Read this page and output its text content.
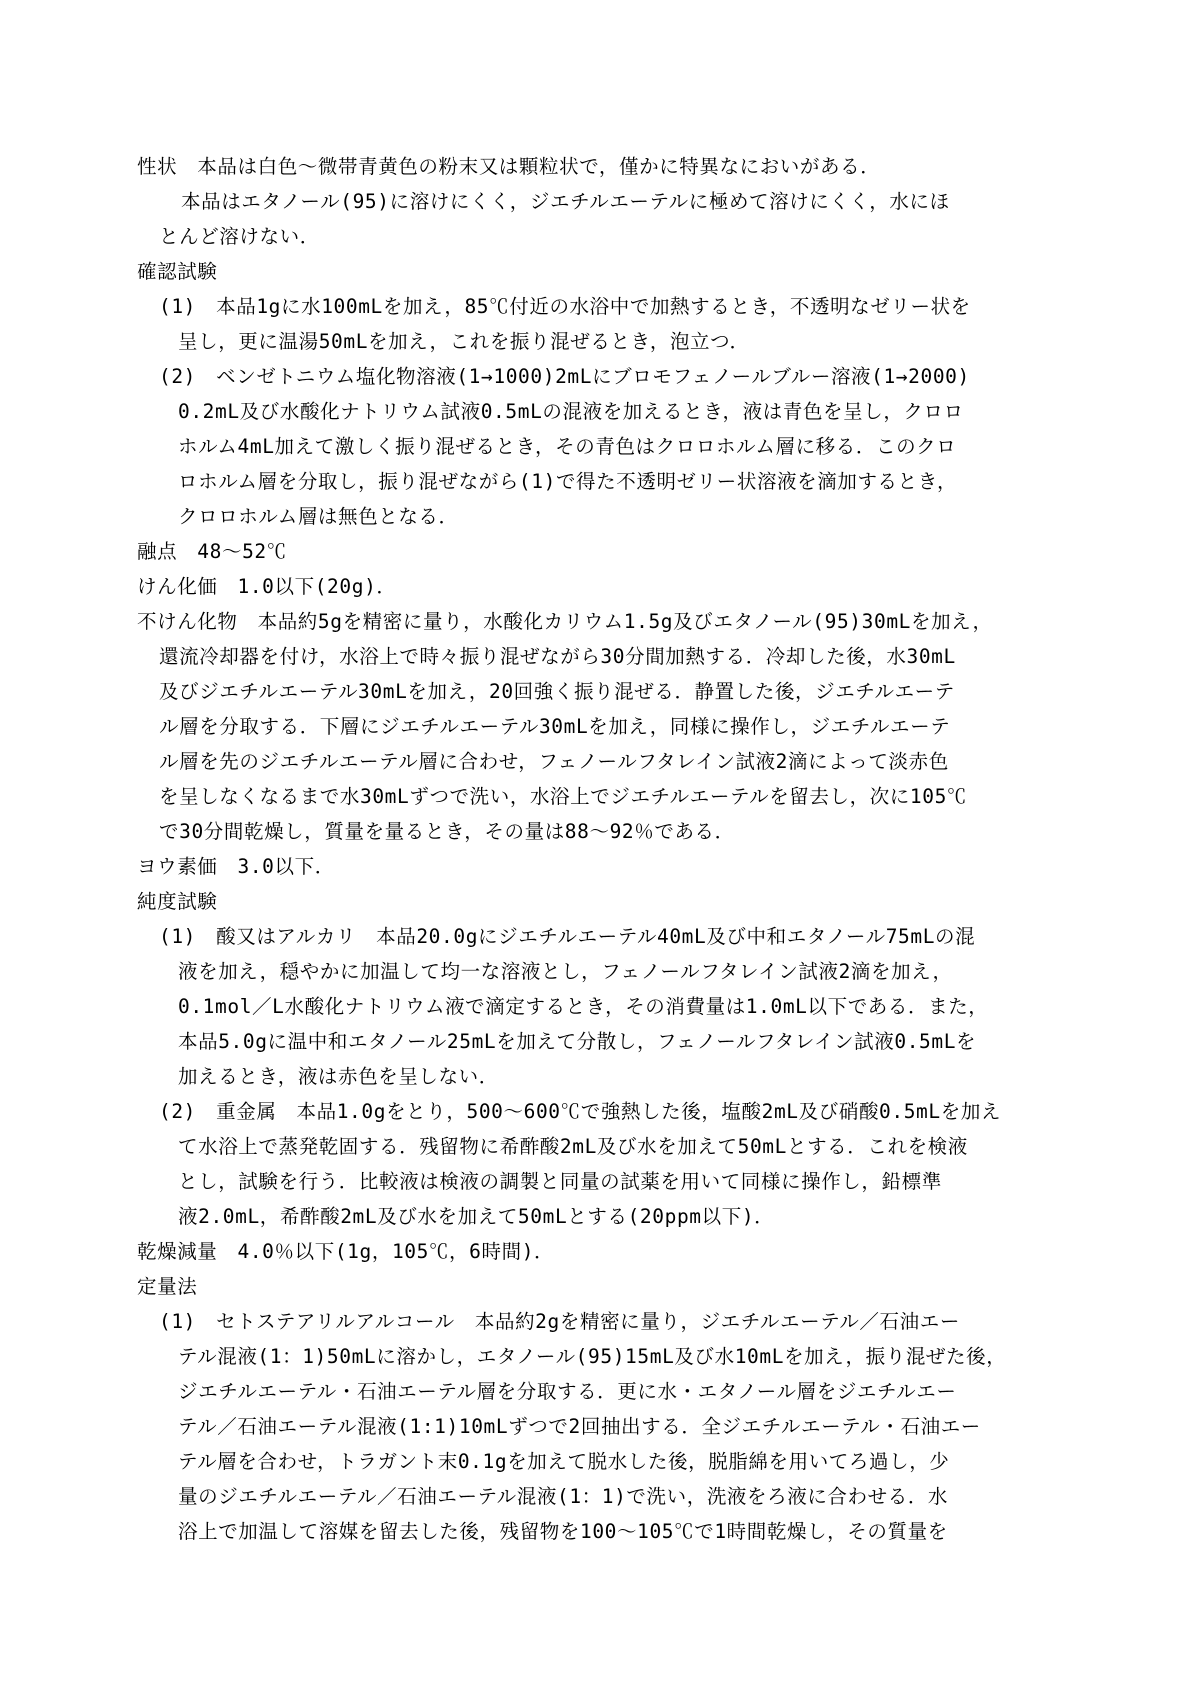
性状　本品は白色〜微帯青黄色の粉末又は顆粒状で，僅かに特異なにおいがある．
本品はエタノール(95)に溶けにくく，ジエチルエーテルに極めて溶けにくく，水にほ
とんど溶けない．
確認試験
(1)　本品1gに水100mLを加え，85℃付近の水浴中で加熱するとき，不透明なゼリー状を
呈し，更に温湯50mLを加え，これを振り混ぜるとき，泡立つ．
(2)　ベンゼトニウム塩化物溶液(1→1000)2mLにブロモフェノールブルー溶液(1→2000)
0.2mL及び水酸化ナトリウム試液0.5mLの混液を加えるとき，液は青色を呈し，クロロ
ホルム4mL加えて激しく振り混ぜるとき，その青色はクロロホルム層に移る．このクロ
ロホルム層を分取し，振り混ぜながら(1)で得た不透明ゼリー状溶液を滴加するとき，
クロロホルム層は無色となる．
融点　48〜52℃
けん化価　1.0以下(20g)．
不けん化物　本品約5gを精密に量り，水酸化カリウム1.5g及びエタノール(95)30mLを加え，
還流冷却器を付け，水浴上で時々振り混ぜながら30分間加熱する．冷却した後，水30mL
及びジエチルエーテル30mLを加え，20回強く振り混ぜる．静置した後，ジエチルエーテ
ル層を分取する．下層にジエチルエーテル30mLを加え，同様に操作し，ジエチルエーテ
ル層を先のジエチルエーテル層に合わせ，フェノールフタレイン試液2滴によって淡赤色
を呈しなくなるまで水30mLずつで洗い，水浴上でジエチルエーテルを留去し，次に105℃
で30分間乾燥し，質量を量るとき，その量は88〜92％である．
ヨウ素価　3.0以下．
純度試験
(1)　酸又はアルカリ　本品20.0gにジエチルエーテル40mL及び中和エタノール75mLの混
液を加え，穏やかに加温して均一な溶液とし，フェノールフタレイン試液2滴を加え，
0.1mol／L水酸化ナトリウム液で滴定するとき，その消費量は1.0mL以下である．また，
本品5.0gに温中和エタノール25mLを加えて分散し，フェノールフタレイン試液0.5mLを
加えるとき，液は赤色を呈しない．
(2)　重金属　本品1.0gをとり，500〜600℃で強熱した後，塩酸2mL及び硝酸0.5mLを加え
て水浴上で蒸発乾固する．残留物に希酢酸2mL及び水を加えて50mLとする．これを検液
とし，試験を行う．比較液は検液の調製と同量の試薬を用いて同様に操作し，鉛標準
液2.0mL，希酢酸2mL及び水を加えて50mLとする(20ppm以下)．
乾燥減量　4.0％以下(1g，105℃，6時間)．
定量法
(1)　セトステアリルアルコール　本品約2gを精密に量り，ジエチルエーテル／石油エー
テル混液(1：1)50mLに溶かし，エタノール(95)15mL及び水10mLを加え，振り混ぜた後，
ジエチルエーテル・石油エーテル層を分取する．更に水・エタノール層をジエチルエー
テル／石油エーテル混液(1:1)10mLずつで2回抽出する．全ジエチルエーテル・石油エー
テル層を合わせ，トラガント末0.1gを加えて脱水した後，脱脂綿を用いてろ過し，少
量のジエチルエーテル／石油エーテル混液(1：1)で洗い，洗液をろ液に合わせる．水
浴上で加温して溶媒を留去した後，残留物を100〜105℃で1時間乾燥し，その質量を
